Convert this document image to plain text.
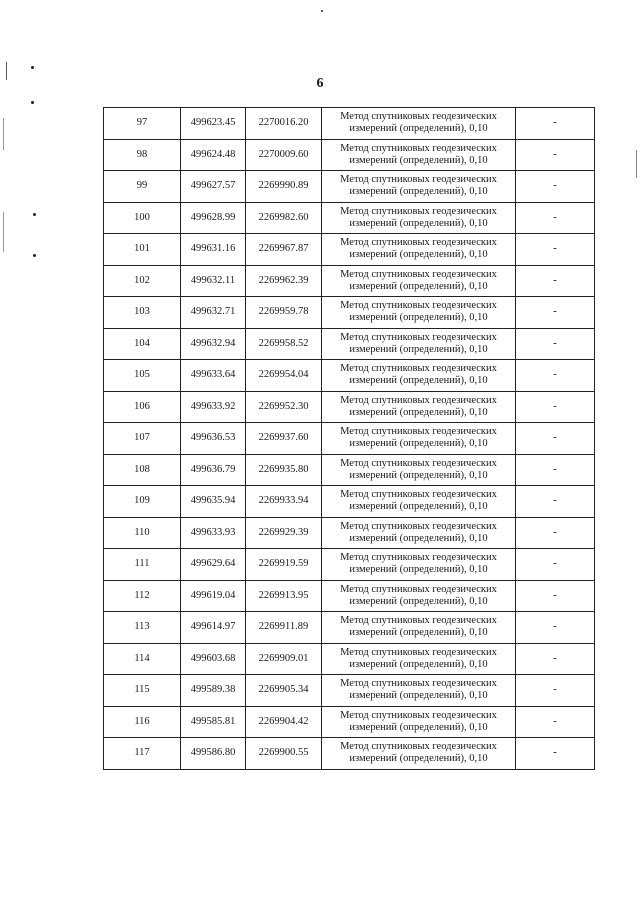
6
97	499623.45	2270016.20	Метод спутниковых геодезических
измерений (определений), 0,10	-
98	499624.48	2270009.60	Метод спутниковых геодезических
измерений (определений), 0,10	-
99	499627.57	2269990.89	Метод спутниковых геодезических
измерений (определений), 0,10	-
100	499628.99	2269982.60	Метод спутниковых геодезических
измерений (определений), 0,10	-
101	499631.16	2269967.87	Метод спутниковых геодезических
измерений (определений), 0,10	-
102	499632.11	2269962.39	Метод спутниковых геодезических
измерений (определений), 0,10	-
103	499632.71	2269959.78	Метод спутниковых геодезических
измерений (определений), 0,10	-
104	499632.94	2269958.52	Метод спутниковых геодезических
измерений (определений), 0,10	-
105	499633.64	2269954.04	Метод спутниковых геодезических
измерений (определений), 0,10	-
106	499633.92	2269952.30	Метод спутниковых геодезических
измерений (определений), 0,10	-
107	499636.53	2269937.60	Метод спутниковых геодезических
измерений (определений), 0,10	-
108	499636.79	2269935.80	Метод спутниковых геодезических
измерений (определений), 0,10	-
109	499635.94	2269933.94	Метод спутниковых геодезических
измерений (определений), 0,10	-
110	499633.93	2269929.39	Метод спутниковых геодезических
измерений (определений), 0,10	-
111	499629.64	2269919.59	Метод спутниковых геодезических
измерений (определений), 0,10	-
112	499619.04	2269913.95	Метод спутниковых геодезических
измерений (определений), 0,10	-
113	499614.97	2269911.89	Метод спутниковых геодезических
измерений (определений), 0,10	-
114	499603.68	2269909.01	Метод спутниковых геодезических
измерений (определений), 0,10	-
115	499589.38	2269905.34	Метод спутниковых геодезических
измерений (определений), 0,10	-
116	499585.81	2269904.42	Метод спутниковых геодезических
измерений (определений), 0,10	-
117	499586.80	2269900.55	Метод спутниковых геодезических
измерений (определений), 0,10	-
